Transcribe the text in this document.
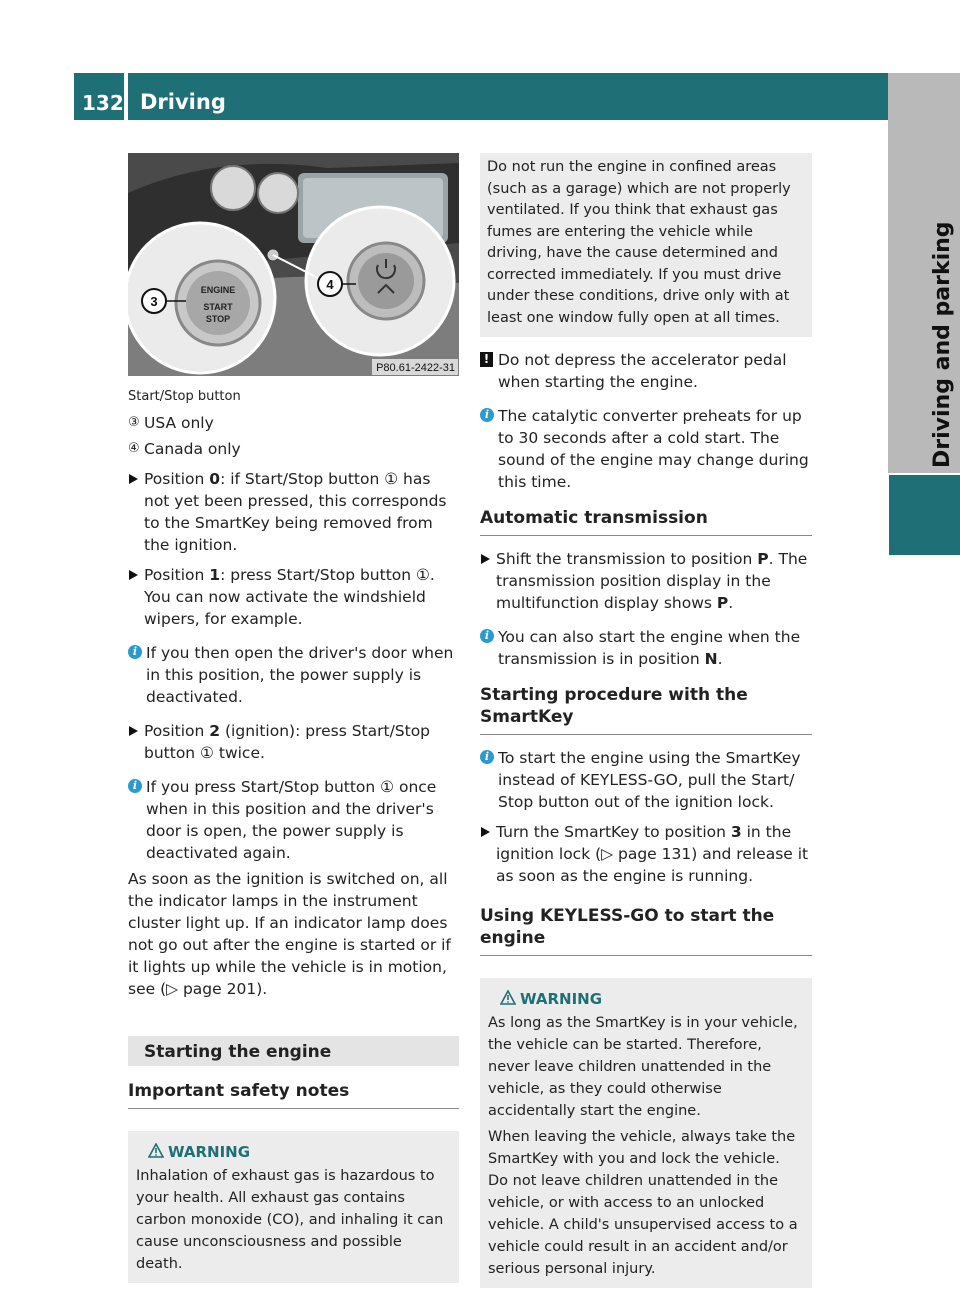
132 Driving
Driving and parking
ENGINE
START
STOP
3
4
P80.61-2422-31
Start/Stop button
③ USA only
④ Canada only
Position 0: if Start/Stop button ① has not yet been pressed, this corresponds to the SmartKey being removed from the ignition.
Position 1: press Start/Stop button ①. You can now activate the windshield wipers, for example.
i If you then open the driver's door when in this position, the power supply is deactivated.
Position 2 (ignition): press Start/Stop button ① twice.
i If you press Start/Stop button ① once when in this position and the driver's door is open, the power supply is deactivated again.
As soon as the ignition is switched on, all the indicator lamps in the instrument cluster light up. If an indicator lamp does not go out after the engine is started or if it lights up while the vehicle is in motion, see (▷ page 201).
Starting the engine
Important safety notes
WARNING
Inhalation of exhaust gas is hazardous to your health. All exhaust gas contains carbon monoxide (CO), and inhaling it can cause unconsciousness and possible death.
Do not run the engine in confined areas (such as a garage) which are not properly ventilated. If you think that exhaust gas fumes are entering the vehicle while driving, have the cause determined and corrected immediately. If you must drive under these conditions, drive only with at least one window fully open at all times.
! Do not depress the accelerator pedal when starting the engine.
i The catalytic converter preheats for up to 30 seconds after a cold start. The sound of the engine may change during this time.
Automatic transmission
Shift the transmission to position P. The transmission position display in the multifunction display shows P.
i You can also start the engine when the transmission is in position N.
Starting procedure with the SmartKey
i To start the engine using the SmartKey instead of KEYLESS-GO, pull the Start/ Stop button out of the ignition lock.
Turn the SmartKey to position 3 in the ignition lock (▷ page 131) and release it as soon as the engine is running.
Using KEYLESS-GO to start the engine
WARNING
As long as the SmartKey is in your vehicle, the vehicle can be started. Therefore, never leave children unattended in the vehicle, as they could otherwise accidentally start the engine.
When leaving the vehicle, always take the SmartKey with you and lock the vehicle. Do not leave children unattended in the vehicle, or with access to an unlocked vehicle. A child's unsupervised access to a vehicle could result in an accident and/or serious personal injury.
